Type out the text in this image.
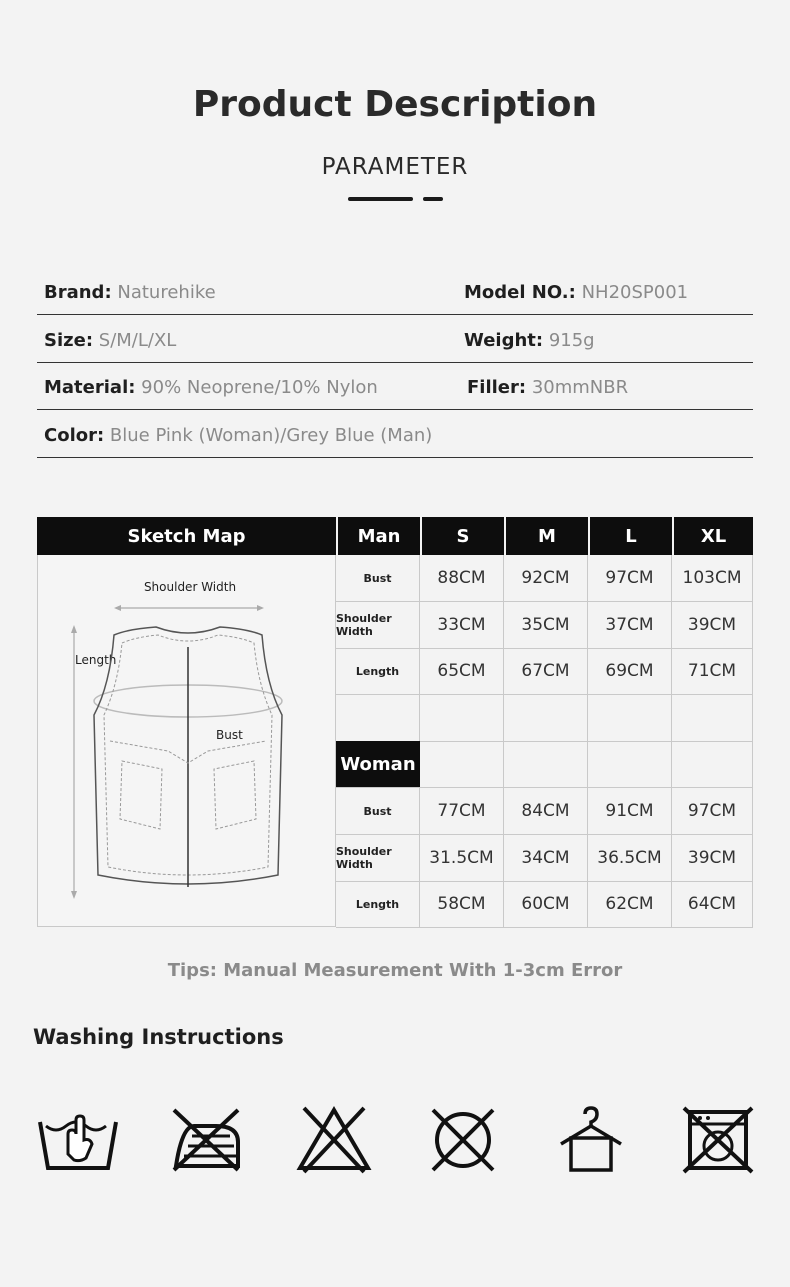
Product Description
PARAMETER
Brand: Naturehike	Model NO.: NH20SP001
Size: S/M/L/XL	Weight: 915g
Material: 90% Neoprene/10% Nylon	Filler: 30mmNBR
Color: Blue Pink (Woman)/Grey Blue (Man)
Sketch Map	Man	S	M	L	XL
Shoulder Width
Length
Bust
Bust	88CM	92CM	97CM	103CM
Shoulder Width	33CM	35CM	37CM	39CM
Length	65CM	67CM	69CM	71CM
Woman
Bust	77CM	84CM	91CM	97CM
Shoulder Width	31.5CM	34CM	36.5CM	39CM
Length	58CM	60CM	62CM	64CM
Tips: Manual Measurement With 1-3cm Error
Washing Instructions
